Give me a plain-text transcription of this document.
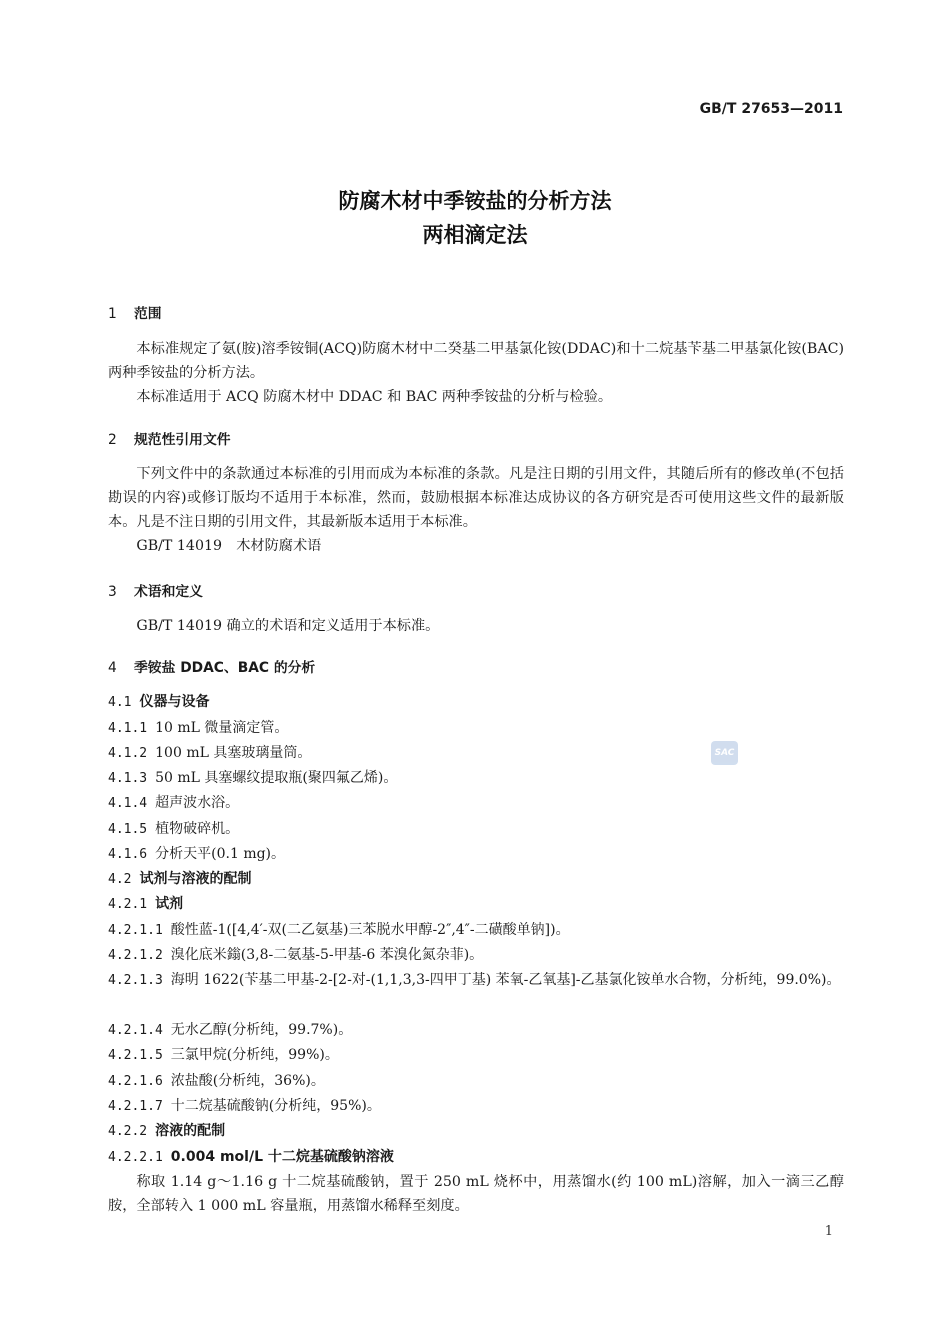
GB/T 27653—2011
防腐木材中季铵盐的分析方法
两相滴定法
1 范围

本标准规定了氨(胺)溶季铵铜(ACQ)防腐木材中二癸基二甲基氯化铵(DDAC)和十二烷基苄基二甲基氯化铵(BAC)两种季铵盐的分析方法。

本标准适用于 ACQ 防腐木材中 DDAC 和 BAC 两种季铵盐的分析与检验。

2 规范性引用文件

下列文件中的条款通过本标准的引用而成为本标准的条款。凡是注日期的引用文件，其随后所有的修改单(不包括勘误的内容)或修订版均不适用于本标准，然而，鼓励根据本标准达成协议的各方研究是否可使用这些文件的最新版本。凡是不注日期的引用文件，其最新版本适用于本标准。

GB/T 14019　木材防腐术语

3 术语和定义

GB/T 14019 确立的术语和定义适用于本标准。

4 季铵盐 DDAC、BAC 的分析
4.1 仪器与设备
4.1.1 10 mL 微量滴定管。
4.1.2 100 mL 具塞玻璃量筒。
4.1.3 50 mL 具塞螺纹提取瓶(聚四氟乙烯)。
4.1.4 超声波水浴。
4.1.5 植物破碎机。
4.1.6 分析天平(0.1 mg)。
4.2 试剂与溶液的配制
4.2.1 试剂
4.2.1.1 酸性蓝-1([4,4′-双(二乙氨基)三苯脱水甲醇-2″,4″-二磺酸单钠])。
4.2.1.2 溴化底米鎓(3,8-二氨基-5-甲基-6 苯溴化氮杂菲)。
4.2.1.3 海明 1622(苄基二甲基-2-[2-对-(1,1,3,3-四甲丁基) 苯氧-乙氧基]-乙基氯化铵单水合物，分析纯，99.0%)。
4.2.1.4 无水乙醇(分析纯，99.7%)。
4.2.1.5 三氯甲烷(分析纯，99%)。
4.2.1.6 浓盐酸(分析纯，36%)。
4.2.1.7 十二烷基硫酸钠(分析纯，95%)。
4.2.2 溶液的配制
4.2.2.1 0.004 mol/L 十二烷基硫酸钠溶液

称取 1.14 g～1.16 g 十二烷基硫酸钠，置于 250 mL 烧杯中，用蒸馏水(约 100 mL)溶解，加入一滴三乙醇胺，全部转入 1 000 mL 容量瓶，用蒸馏水稀释至刻度。

SAC
1
